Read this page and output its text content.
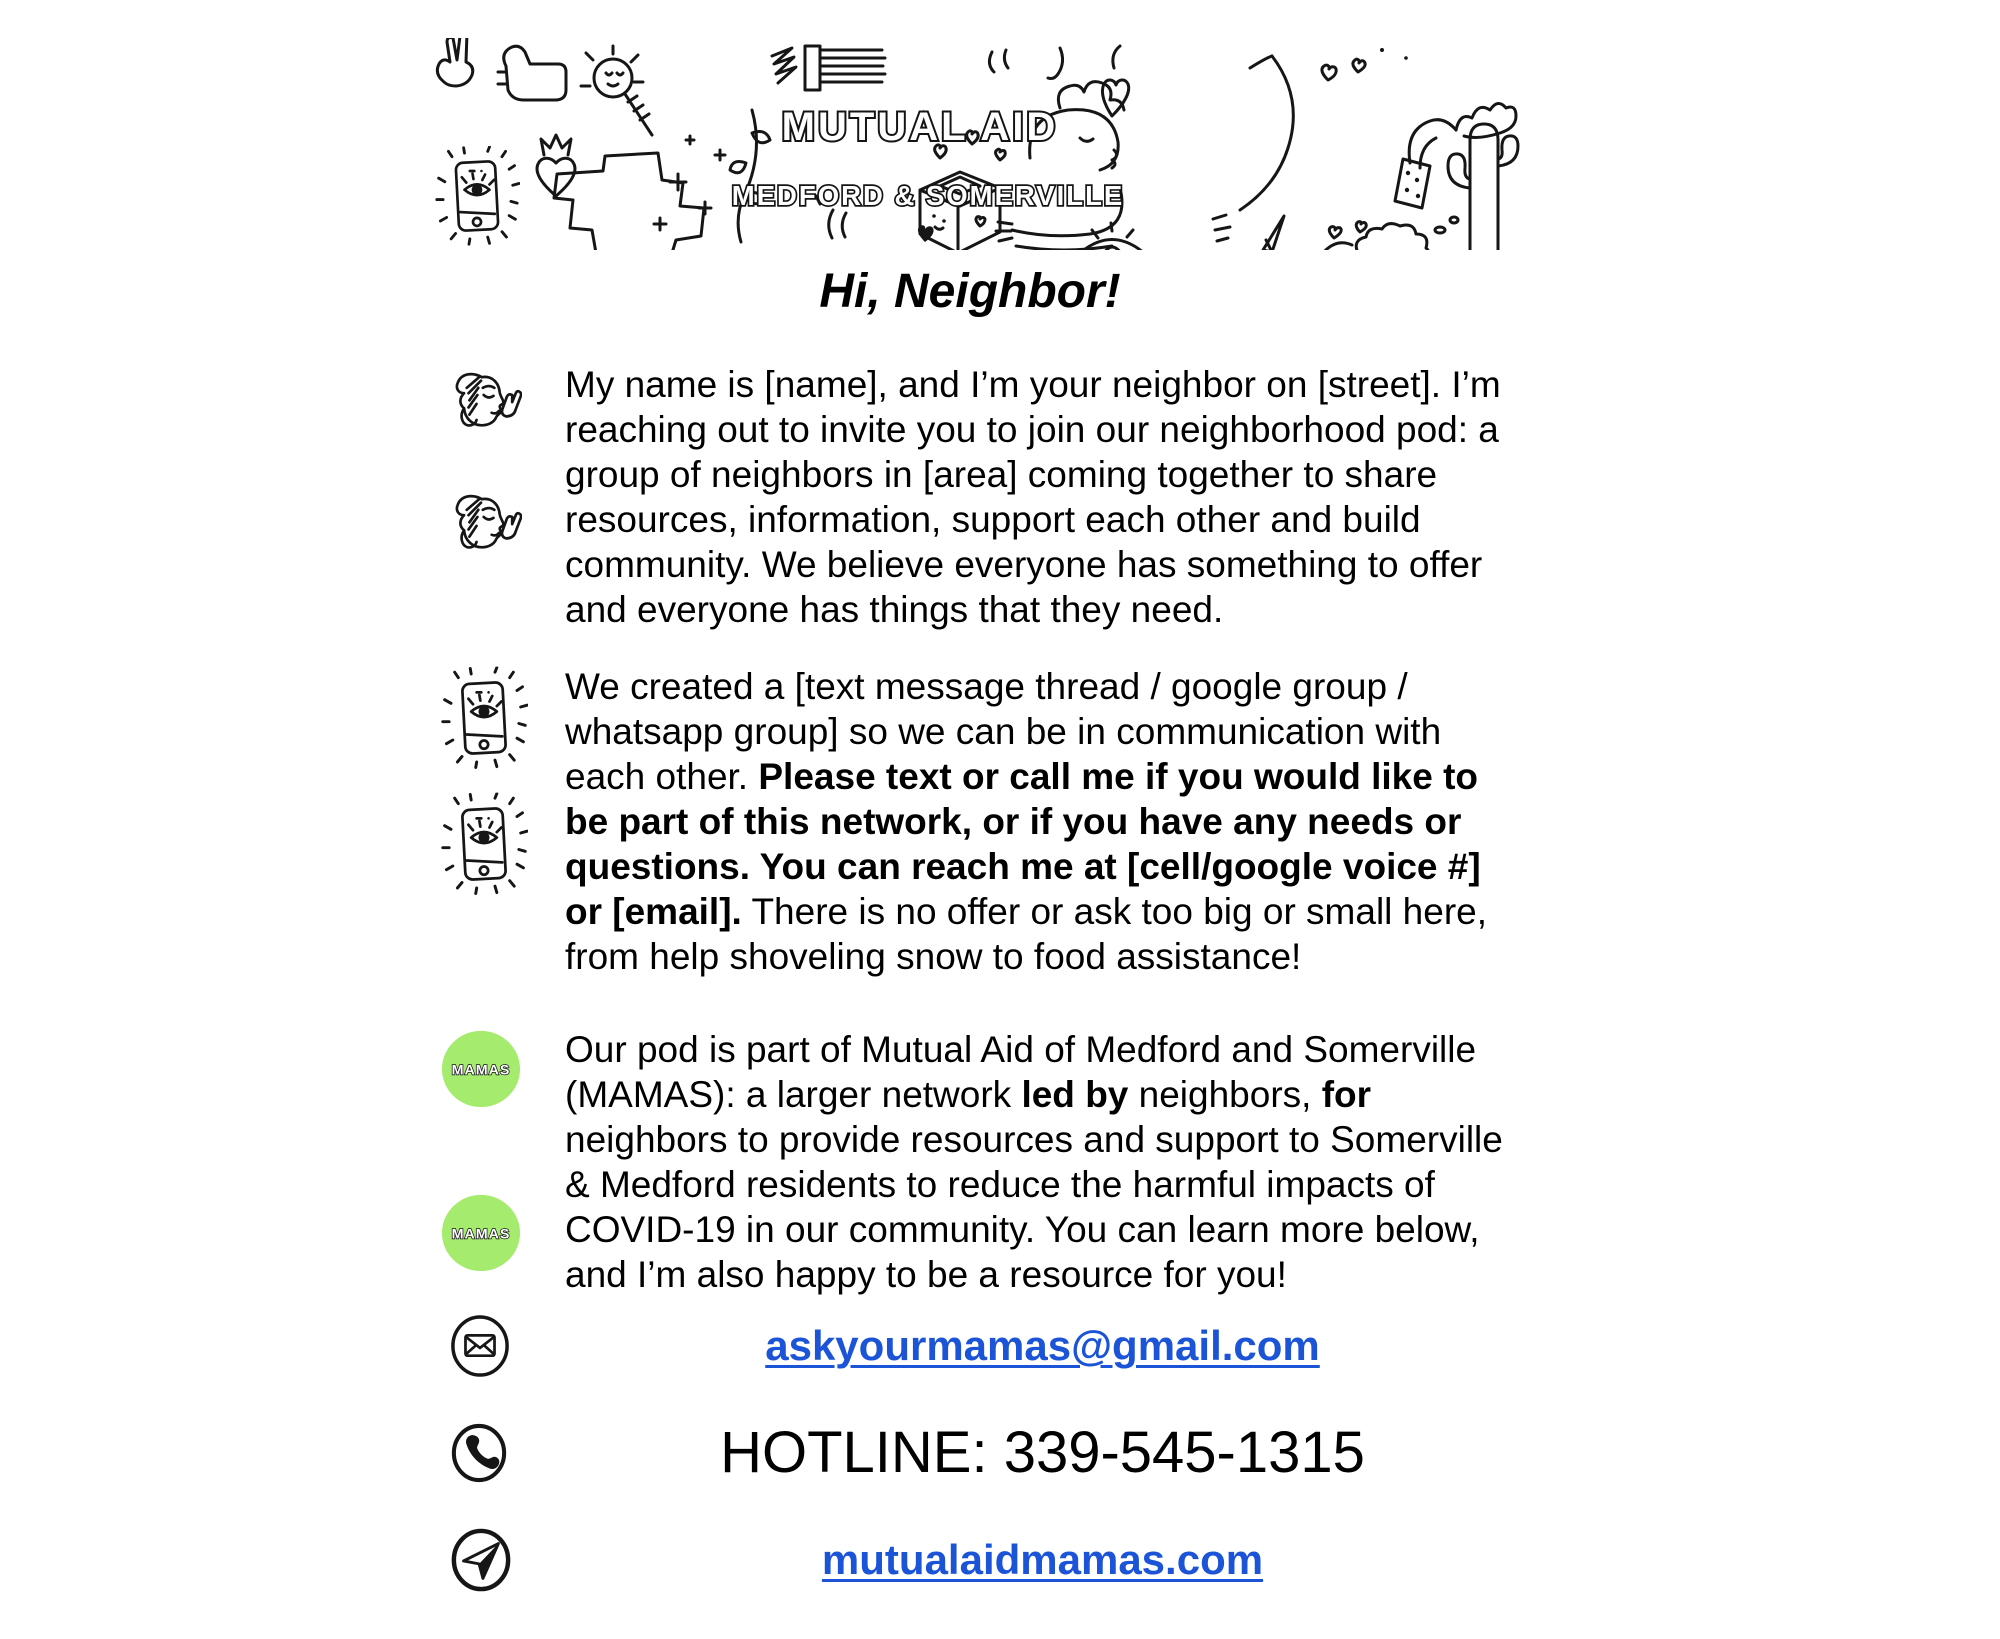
MUTUAL AID
MEDFORD & SOMERVILLE
Hi, Neighbor!
My name is [name], and I’m your neighbor on [street]. I’m
reaching out to invite you to join our neighborhood pod: a
group of neighbors in [area] coming together to share
resources, information, support each other and build
community. We believe everyone has something to offer
and everyone has things that they need.
We created a [text message thread / google group /
whatsapp group] so we can be in communication with
each other. Please text or call me if you would like to
be part of this network, or if you have any needs or
questions. You can reach me at [cell/google voice #]
or [email]. There is no offer or ask too big or small here,
from help shoveling snow to food assistance!
Our pod is part of Mutual Aid of Medford and Somerville
(MAMAS): a larger network led by neighbors, for
neighbors to provide resources and support to Somerville
& Medford residents to reduce the harmful impacts of
COVID-19 in our community. You can learn more below,
and I’m also happy to be a resource for you!
askyourmamas@gmail.com
HOTLINE: 339-545-1315
mutualaidmamas.com
